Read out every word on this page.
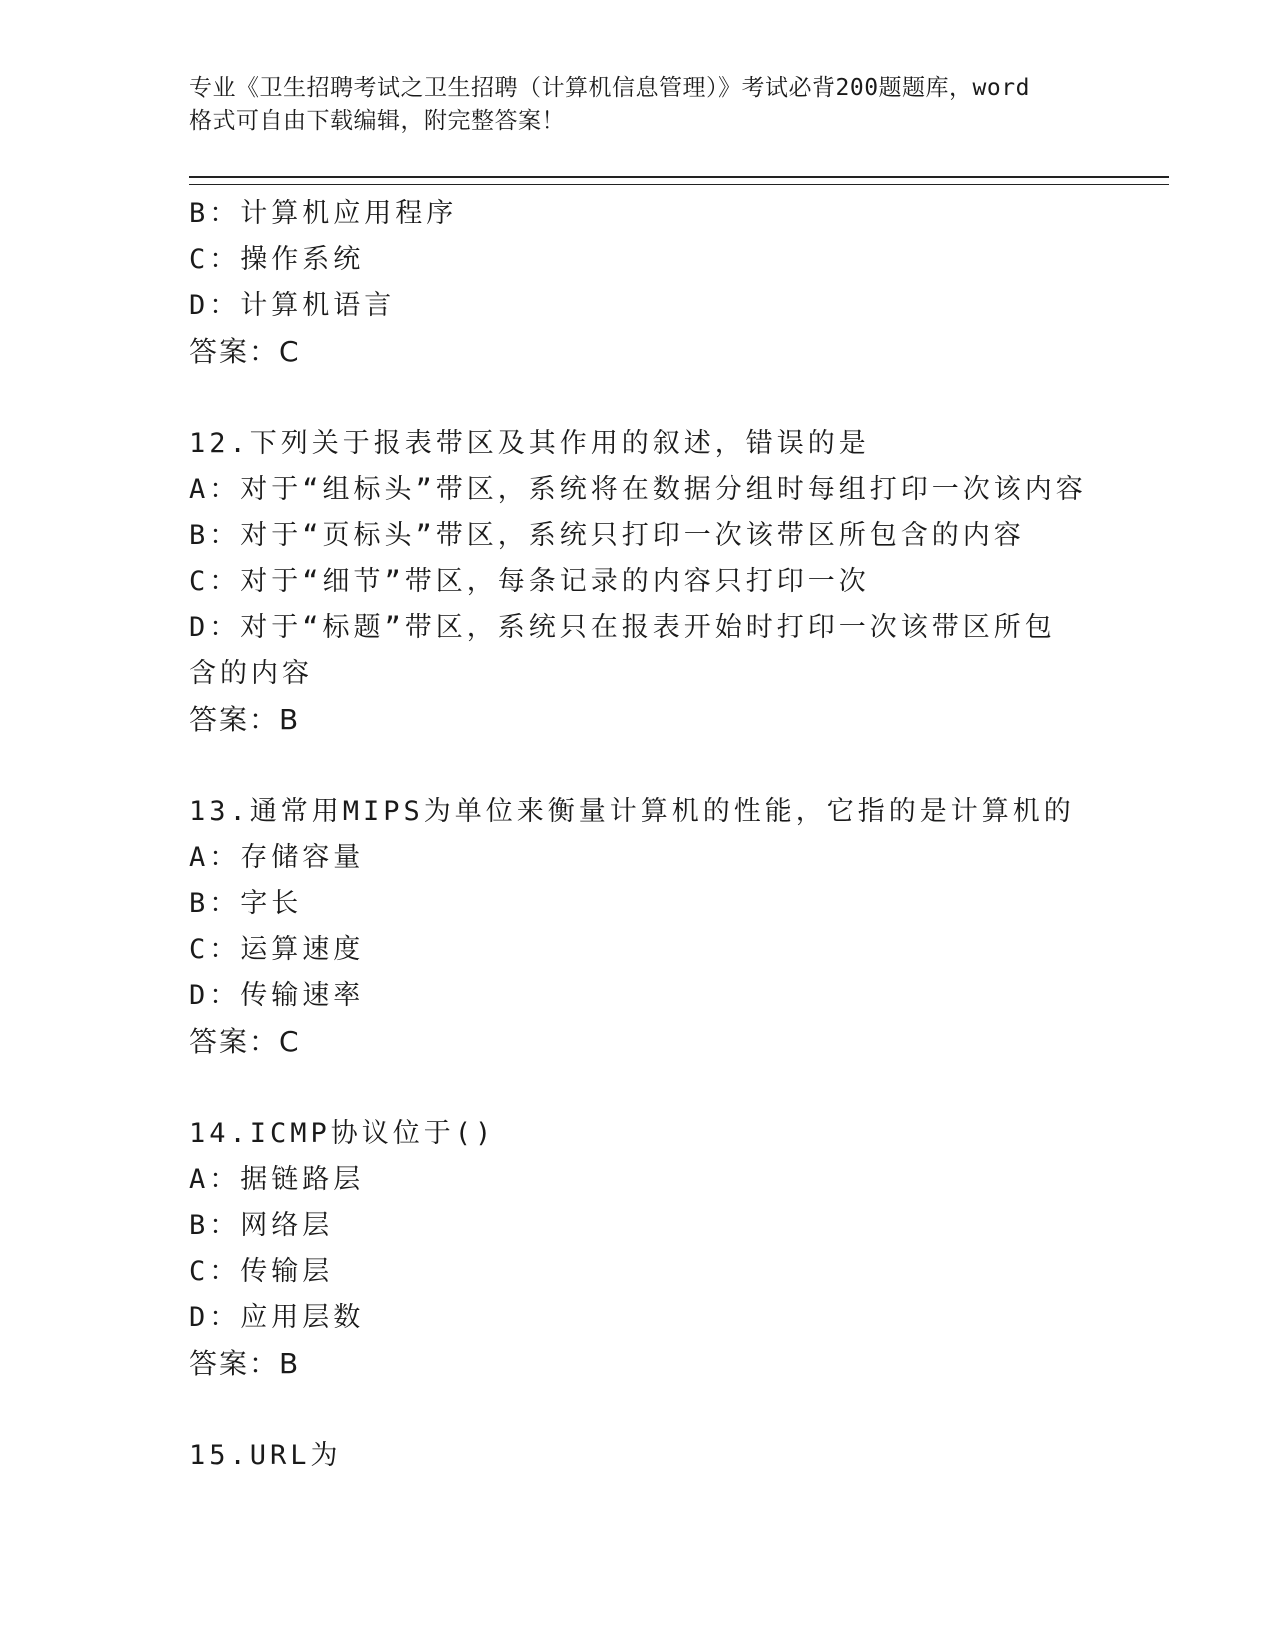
专业《卫生招聘考试之卫生招聘（计算机信息管理）》考试必背200题题库，word

格式可自由下载编辑，附完整答案！

B：计算机应用程序
C：操作系统
D：计算机语言
答案：C
12.下列关于报表带区及其作用的叙述，错误的是
A：对于“组标头”带区，系统将在数据分组时每组打印一次该内容
B：对于“页标头”带区，系统只打印一次该带区所包含的内容
C：对于“细节”带区，每条记录的内容只打印一次
D：对于“标题”带区，系统只在报表开始时打印一次该带区所包含的内容
答案：B
13.通常用MIPS为单位来衡量计算机的性能，它指的是计算机的
A：存储容量
B：字长
C：运算速度
D：传输速率
答案：C
14.ICMP协议位于()
A：据链路层
B：网络层
C：传输层
D：应用层数
答案：B
15.URL为
